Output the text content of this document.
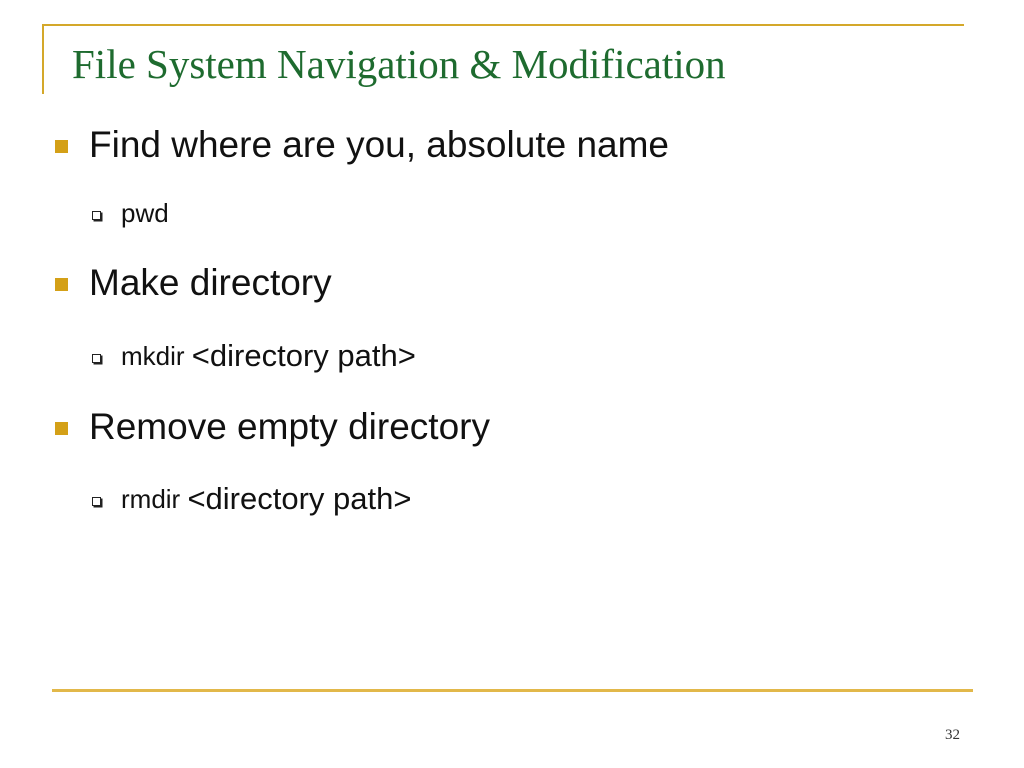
File System Navigation & Modification
Find where are you, absolute name
pwd
Make directory
mkdir
<directory path>
Remove empty directory
rmdir
<directory path>
32
